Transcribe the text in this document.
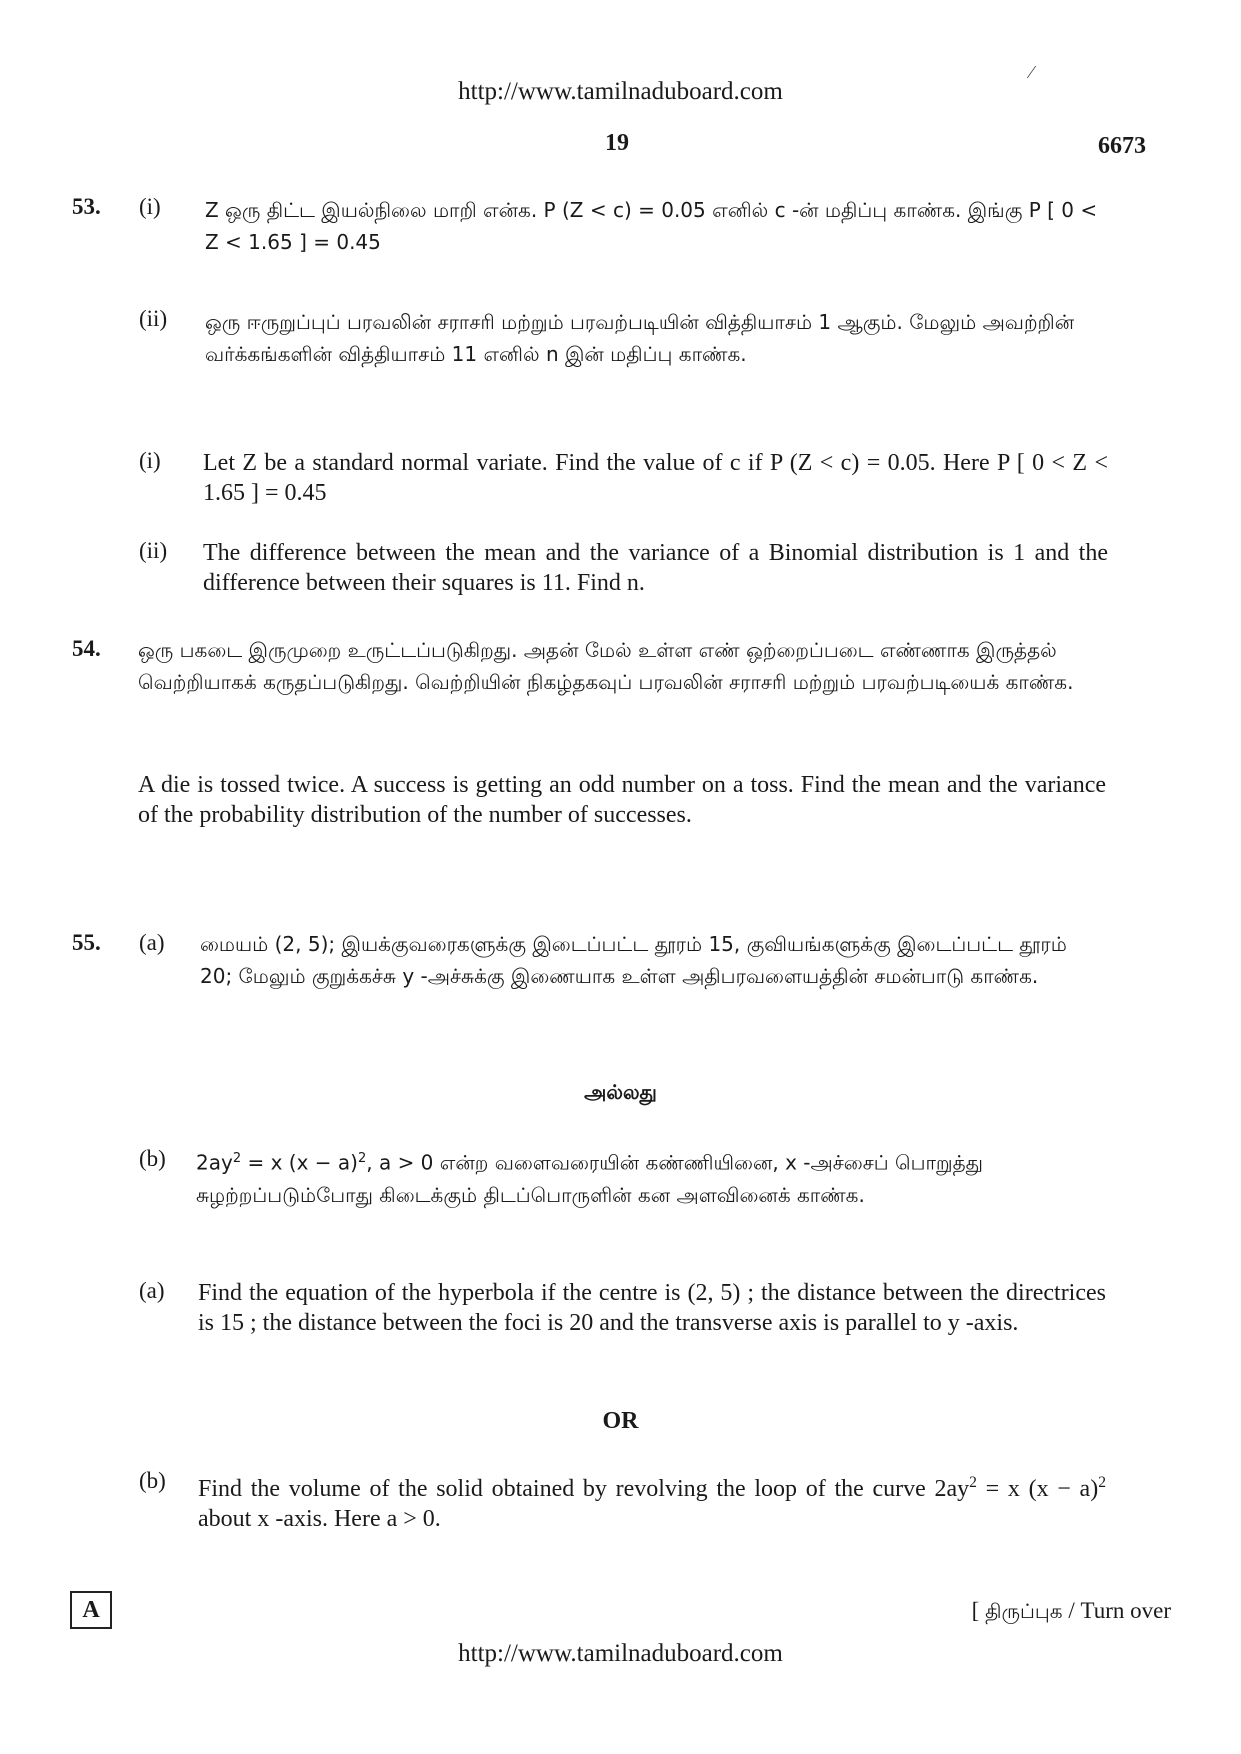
http://www.tamilnaduboard.com
⁄
19	6673
53. (i) Z ஒரு திட்ட இயல்நிலை மாறி என்க. P (Z < c) = 0.05 எனில் c -ன் மதிப்பு காண்க. இங்கு P [ 0 < Z < 1.65 ] = 0.45
(ii) ஒரு ஈருறுப்புப் பரவலின் சராசரி மற்றும் பரவற்படியின் வித்தியாசம் 1 ஆகும். மேலும் அவற்றின் வர்க்கங்களின் வித்தியாசம் 11 எனில் n இன் மதிப்பு காண்க.
(i) Let Z be a standard normal variate. Find the value of c if P (Z < c) = 0.05. Here P [ 0 < Z < 1.65 ] = 0.45
(ii) The difference between the mean and the variance of a Binomial distribution is 1 and the difference between their squares is 11. Find n.
54. ஒரு பகடை இருமுறை உருட்டப்படுகிறது. அதன் மேல் உள்ள எண் ஒற்றைப்படை எண்ணாக இருத்தல் வெற்றியாகக் கருதப்படுகிறது. வெற்றியின் நிகழ்தகவுப் பரவலின் சராசரி மற்றும் பரவற்படியைக் காண்க.
A die is tossed twice. A success is getting an odd number on a toss. Find the mean and the variance of the probability distribution of the number of successes.
55. (a) மையம் (2, 5); இயக்குவரைகளுக்கு இடைப்பட்ட தூரம் 15, குவியங்களுக்கு இடைப்பட்ட தூரம் 20; மேலும் குறுக்கச்சு y -அச்சுக்கு இணையாக உள்ள அதிபரவளையத்தின் சமன்பாடு காண்க.
அல்லது
(b) $2ay^2 = x$ $(x - a)^2$, a > 0 என்ற வளைவரையின் கண்ணியினை, x -அச்சைப் பொறுத்து சுழற்றப்படும்போது கிடைக்கும் திடப்பொருளின் கன அளவினைக் காண்க.
(a) Find the equation of the hyperbola if the centre is (2, 5) ; the distance between the directrices is 15 ; the distance between the foci is 20 and the transverse axis is parallel to y -axis.
OR
(b) Find the volume of the solid obtained by revolving the loop of the curve $2ay^2 = x$ $(x - a)^2$ about x -axis. Here a > 0.
A	[ திருப்புக / Turn over
http://www.tamilnaduboard.com
